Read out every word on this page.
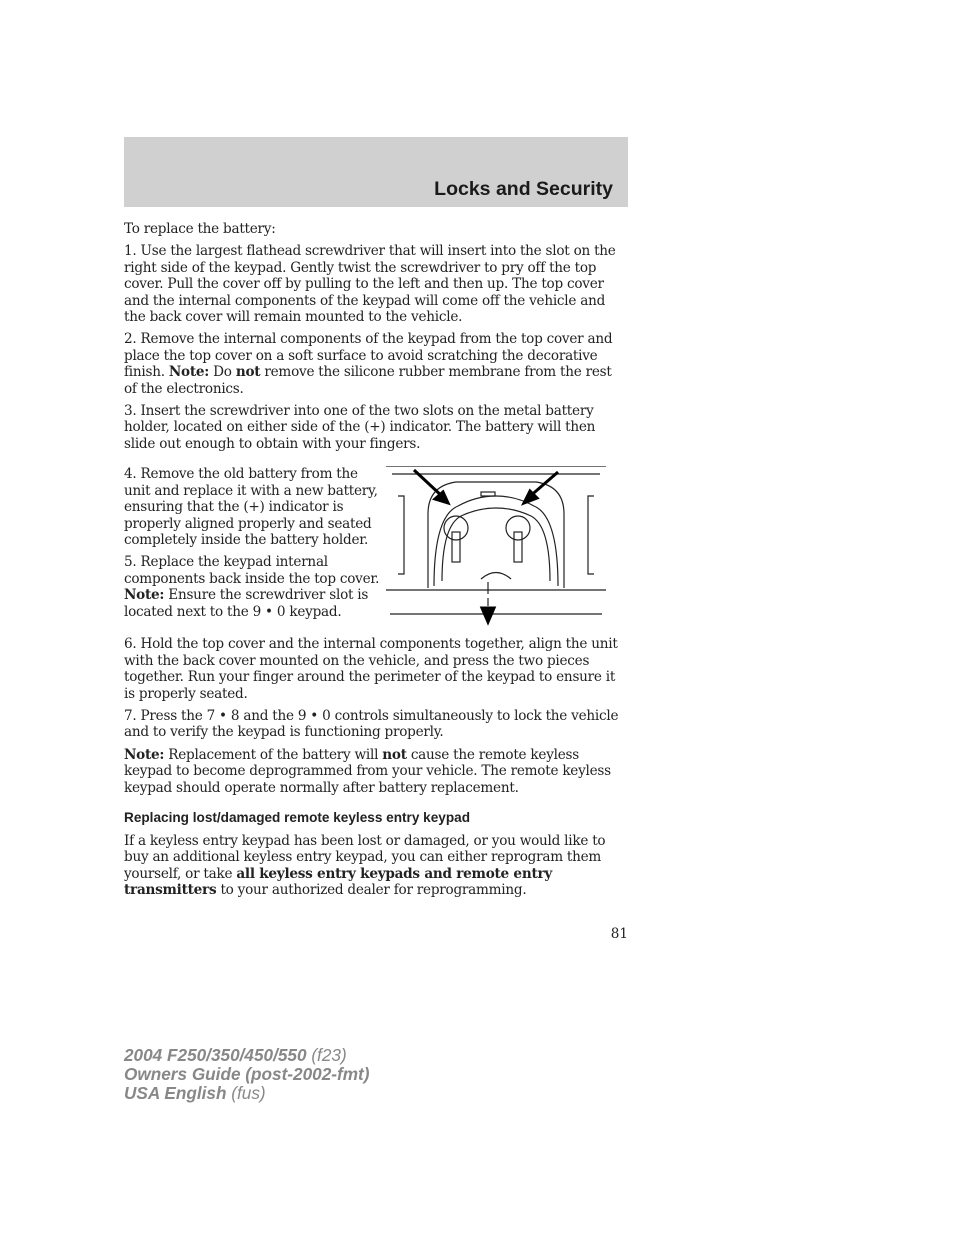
Locks and Security

To replace the battery:

1. Use the largest flathead screwdriver that will insert into the slot on the right side of the keypad. Gently twist the screwdriver to pry off the top cover. Pull the cover off by pulling to the left and then up. The top cover and the internal components of the keypad will come off the vehicle and the back cover will remain mounted to the vehicle.

2. Remove the internal components of the keypad from the top cover and place the top cover on a soft surface to avoid scratching the decorative finish. Note: Do not remove the silicone rubber membrane from the rest of the electronics.

3. Insert the screwdriver into one of the two slots on the metal battery holder, located on either side of the (+) indicator. The battery will then slide out enough to obtain with your fingers.

4. Remove the old battery from the unit and replace it with a new battery, ensuring that the (+) indicator is properly aligned properly and seated completely inside the battery holder.

5. Replace the keypad internal components back inside the top cover. Note: Ensure the screwdriver slot is located next to the 9 • 0 keypad.

6. Hold the top cover and the internal components together, align the unit with the back cover mounted on the vehicle, and press the two pieces together. Run your finger around the perimeter of the keypad to ensure it is properly seated.

7. Press the 7 • 8 and the 9 • 0 controls simultaneously to lock the vehicle and to verify the keypad is functioning properly.

Note: Replacement of the battery will not cause the remote keyless keypad to become deprogrammed from your vehicle. The remote keyless keypad should operate normally after battery replacement.

Replacing lost/damaged remote keyless entry keypad

If a keyless entry keypad has been lost or damaged, or you would like to buy an additional keyless entry keypad, you can either reprogram them yourself, or take all keyless entry keypads and remote entry transmitters to your authorized dealer for reprogramming.

81
2004 F250/350/450/550 (f23)
Owners Guide (post-2002-fmt)
USA English (fus)
